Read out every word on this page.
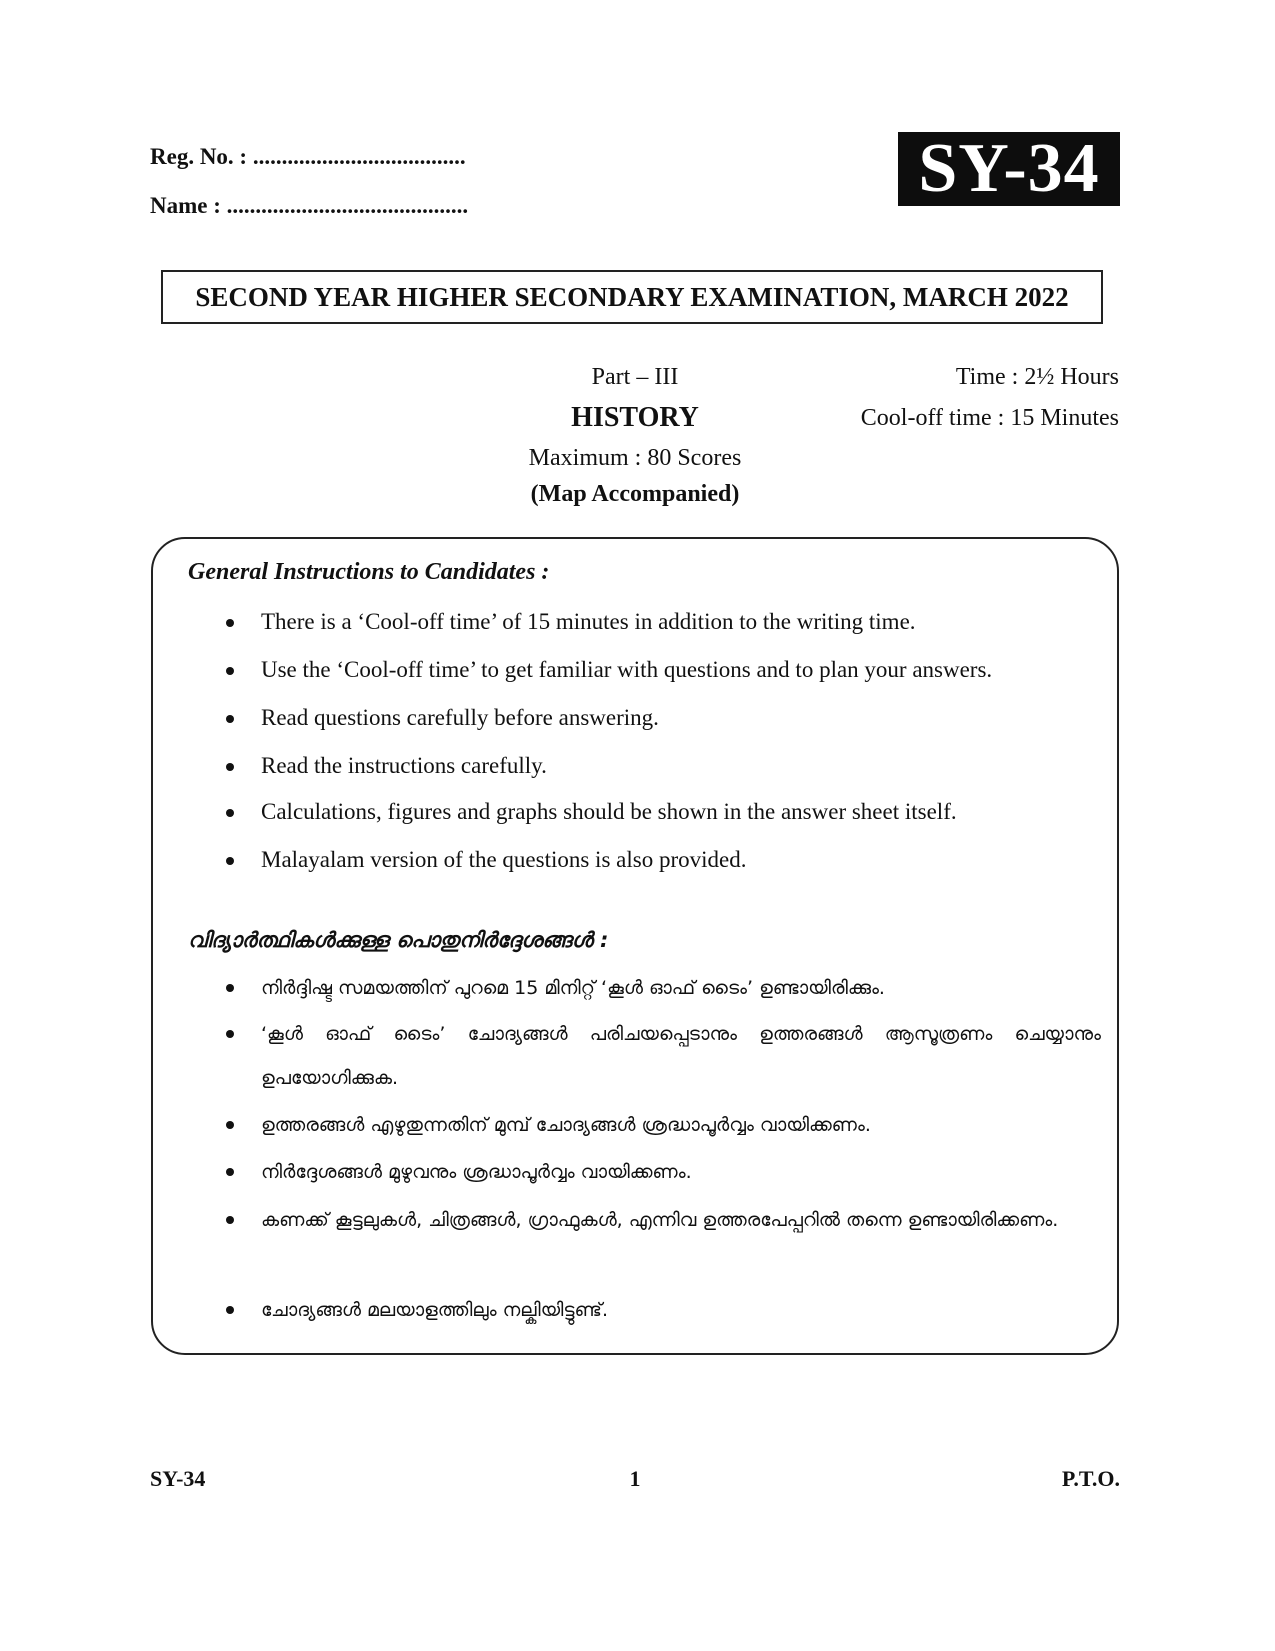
Reg. No. : .....................................
Name : ..........................................	SY-34
SECOND YEAR HIGHER SECONDARY EXAMINATION, MARCH 2022
Part – III
HISTORY
Maximum : 80 Scores
(Map Accompanied)
Time : 2½ Hours
Cool-off time : 15 Minutes
General Instructions to Candidates :
There is a ‘Cool-off time’ of 15 minutes in addition to the writing time.
Use the ‘Cool-off time’ to get familiar with questions and to plan your answers.
Read questions carefully before answering.
Read the instructions carefully.
Calculations, figures and graphs should be shown in the answer sheet itself.
Malayalam version of the questions is also provided.
വിദ്യാർത്ഥികൾക്കുള്ള പൊതുനിർദ്ദേശങ്ങൾ :
നിർദ്ദിഷ്ട സമയത്തിന് പുറമെ 15 മിനിറ്റ് ‘കൂൾ ഓഫ് ടൈം’ ഉണ്ടായിരിക്കും.
‘കൂൾ ഓഫ് ടൈം’ ചോദ്യങ്ങൾ പരിചയപ്പെടാനും ഉത്തരങ്ങൾ ആസൂത്രണം ചെയ്യാനും ഉപയോഗിക്കുക.
ഉത്തരങ്ങൾ എഴുതുന്നതിന് മുമ്പ് ചോദ്യങ്ങൾ ശ്രദ്ധാപൂർവ്വം വായിക്കണം.
നിർദ്ദേശങ്ങൾ മുഴുവനും ശ്രദ്ധാപൂർവ്വം വായിക്കണം.
കണക്ക് കൂട്ടലുകൾ, ചിത്രങ്ങൾ, ഗ്രാഫുകൾ, എന്നിവ ഉത്തരപേപ്പറിൽ തന്നെ ഉണ്ടായിരിക്കണം.
ചോദ്യങ്ങൾ മലയാളത്തിലും നല്കിയിട്ടുണ്ട്.
SY-34	1	P.T.O.
